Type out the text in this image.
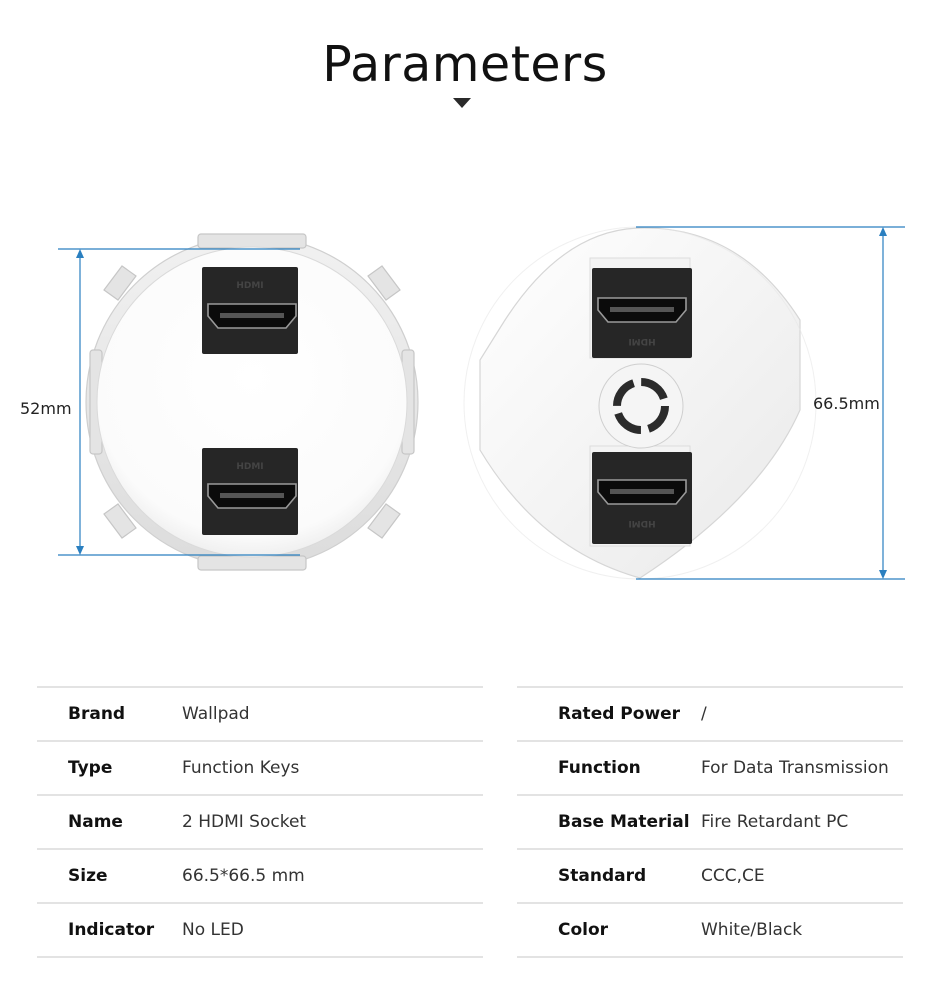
Parameters
HDMI
HDMI
HDMI
HDMI
52mm	66.5mm
Brand	Wallpad
Type	Function Keys
Name	2 HDMI Socket
Size	66.5*66.5 mm
Indicator No LED
Rated Power /
Function	For Data Transmission
Base Material Fire Retardant PC
Standard	CCC,CE
Color	White/Black
